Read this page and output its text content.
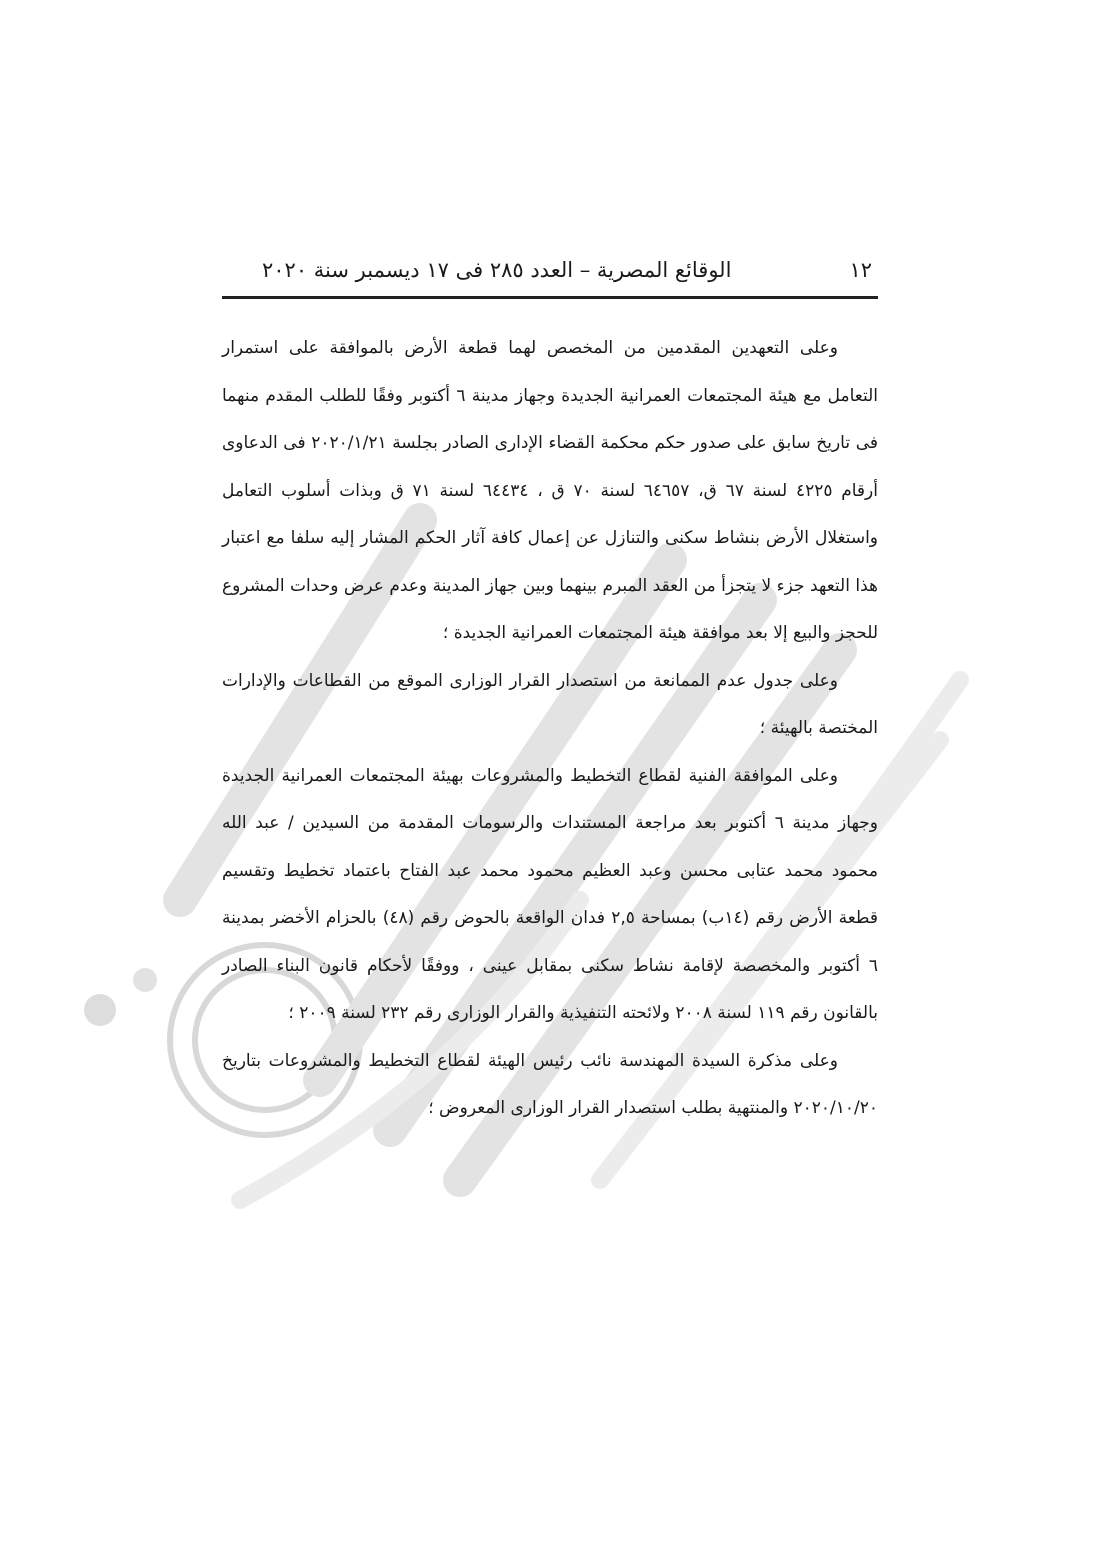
١٢
الوقائع المصرية – العدد ٢٨٥ فى ١٧ ديسمبر سنة ٢٠٢٠

وعلى التعهدين المقدمين من المخصص لهما قطعة الأرض بالموافقة على استمرار التعامل مع هيئة المجتمعات العمرانية الجديدة وجهاز مدينة ٦ أكتوبر وفقًا للطلب المقدم منهما فى تاريخ سابق على صدور حكم محكمة القضاء الإدارى الصادر بجلسة ٢٠٢٠/١/٢١ فى الدعاوى أرقام ٤٢٢٥ لسنة ٦٧ ق، ٦٤٦٥٧ لسنة ٧٠ ق ، ٦٤٤٣٤ لسنة ٧١ ق وبذات أسلوب التعامل واستغلال الأرض بنشاط سكنى والتنازل عن إعمال كافة آثار الحكم المشار إليه سلفا مع اعتبار هذا التعهد جزء لا يتجزأ من العقد المبرم بينهما وبين جهاز المدينة وعدم عرض وحدات المشروع للحجز والبيع إلا بعد موافقة هيئة المجتمعات العمرانية الجديدة ؛

وعلى جدول عدم الممانعة من استصدار القرار الوزارى الموقع من القطاعات والإدارات المختصة بالهيئة ؛

وعلى الموافقة الفنية لقطاع التخطيط والمشروعات بهيئة المجتمعات العمرانية الجديدة وجهاز مدينة ٦ أكتوبر بعد مراجعة المستندات والرسومات المقدمة من السيدين / عبد الله محمود محمد عتابى محسن وعبد العظيم محمود محمد عبد الفتاح باعتماد تخطيط وتقسيم قطعة الأرض رقم (١٤ب) بمساحة ٢,٥ فدان الواقعة بالحوض رقم (٤٨) بالحزام الأخضر بمدينة ٦ أكتوبر والمخصصة لإقامة نشاط سكنى بمقابل عينى ، ووفقًا لأحكام قانون البناء الصادر بالقانون رقم ١١٩ لسنة ٢٠٠٨ ولائحته التنفيذية والقرار الوزارى رقم ٢٣٢ لسنة ٢٠٠٩ ؛

وعلى مذكرة السيدة المهندسة نائب رئيس الهيئة لقطاع التخطيط والمشروعات بتاريخ ٢٠٢٠/١٠/٢٠ والمنتهية بطلب استصدار القرار الوزارى المعروض ؛
